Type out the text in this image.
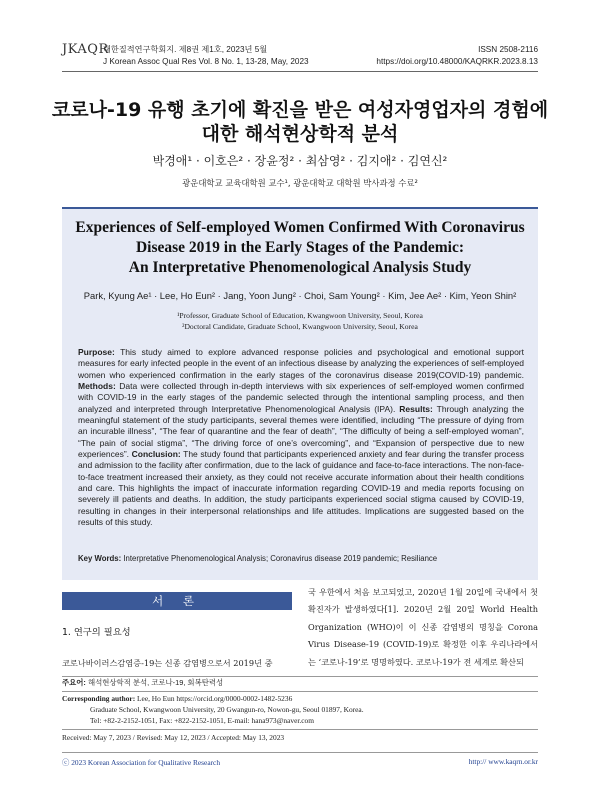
JKAQR
대한질적연구학회지. 제8권 제1호, 2023년 5월
J Korean Assoc Qual Res Vol. 8 No. 1, 13-28, May, 2023
ISSN 2508-2116
https://doi.org/10.48000/KAQRKR.2023.8.13
코로나-19 유행 초기에 확진을 받은 여성자영업자의 경험에
대한 해석현상학적 분석
박경애¹ · 이호은² · 장윤정² · 최삼영² · 김지애² · 김연신²
광운대학교 교육대학원 교수¹, 광운대학교 대학원 박사과정 수료²
Experiences of Self-employed Women Confirmed With Coronavirus
Disease 2019 in the Early Stages of the Pandemic:
An Interpretative Phenomenological Analysis Study
Park, Kyung Ae¹ · Lee, Ho Eun² · Jang, Yoon Jung² · Choi, Sam Young² · Kim, Jee Ae² · Kim, Yeon Shin²
¹Professor, Graduate School of Education, Kwangwoon University, Seoul, Korea
²Doctoral Candidate, Graduate School, Kwangwoon University, Seoul, Korea
Purpose: This study aimed to explore advanced response policies and psychological and emotional support measures for early infected people in the event of an infectious disease by analyzing the experiences of self-employed women who experienced confirmation in the early stages of the coronavirus disease 2019(COVID-19) pandemic. Methods: Data were collected through in-depth interviews with six experiences of self-employed women confirmed with COVID-19 in the early stages of the pandemic selected through the intentional sampling process, and then analyzed and interpreted through Interpretative Phenomenological Analysis (IPA). Results: Through analyzing the meaningful statement of the study participants, several themes were identified, including “The pressure of dying from an incurable illness”, “The fear of quarantine and the fear of death”, “The difficulty of being a self-employed woman”, “The pain of social stigma”, “The driving force of one’s overcoming”, and “Expansion of perspective due to new experiences”. Conclusion: The study found that participants experienced anxiety and fear during the transfer process and admission to the facility after confirmation, due to the lack of guidance and face-to-face interactions. The non-face-to-face treatment increased their anxiety, as they could not receive accurate information about their health conditions and care. This highlights the impact of inaccurate information regarding COVID-19 and media reports focusing on severely ill patients and deaths. In addition, the study participants experienced social stigma caused by COVID-19, resulting in changes in their interpersonal relationships and life attitudes. Implications are suggested based on the results of this study.
Key Words: Interpretative Phenomenological Analysis; Coronavirus disease 2019 pandemic; Resiliance
서 론
1. 연구의 필요성
코로나바이러스감염증-19는 신종 감염병으로서 2019년 중
국 우한에서 처음 보고되었고, 2020년 1월 20일에 국내에서 첫 확진자가 발생하였다[1]. 2020년 2월 20일 World Health Organization (WHO)이 이 신종 감염병의 명칭을 Corona Virus Disease-19 (COVID-19)로 확정한 이후 우리나라에서는 ‘코로나-19’로 명명하였다. 코로나-19가 전 세계로 확산되
주요어: 해석현상학적 분석, 코로나-19, 회복탄력성
Corresponding author: Lee, Ho Eun https://orcid.org/0000-0002-1482-5236
Graduate School, Kwangwoon University, 20 Gwangun-ro, Nowon-gu, Seoul 01897, Korea.
Tel: +82-2-2152-1051, Fax: +822-2152-1051, E-mail: hana973@naver.com
Received: May 7, 2023 / Revised: May 12, 2023 / Accepted: May 13, 2023
ⓒ 2023 Korean Association for Qualitative Research	http:// www.kaqrn.or.kr
